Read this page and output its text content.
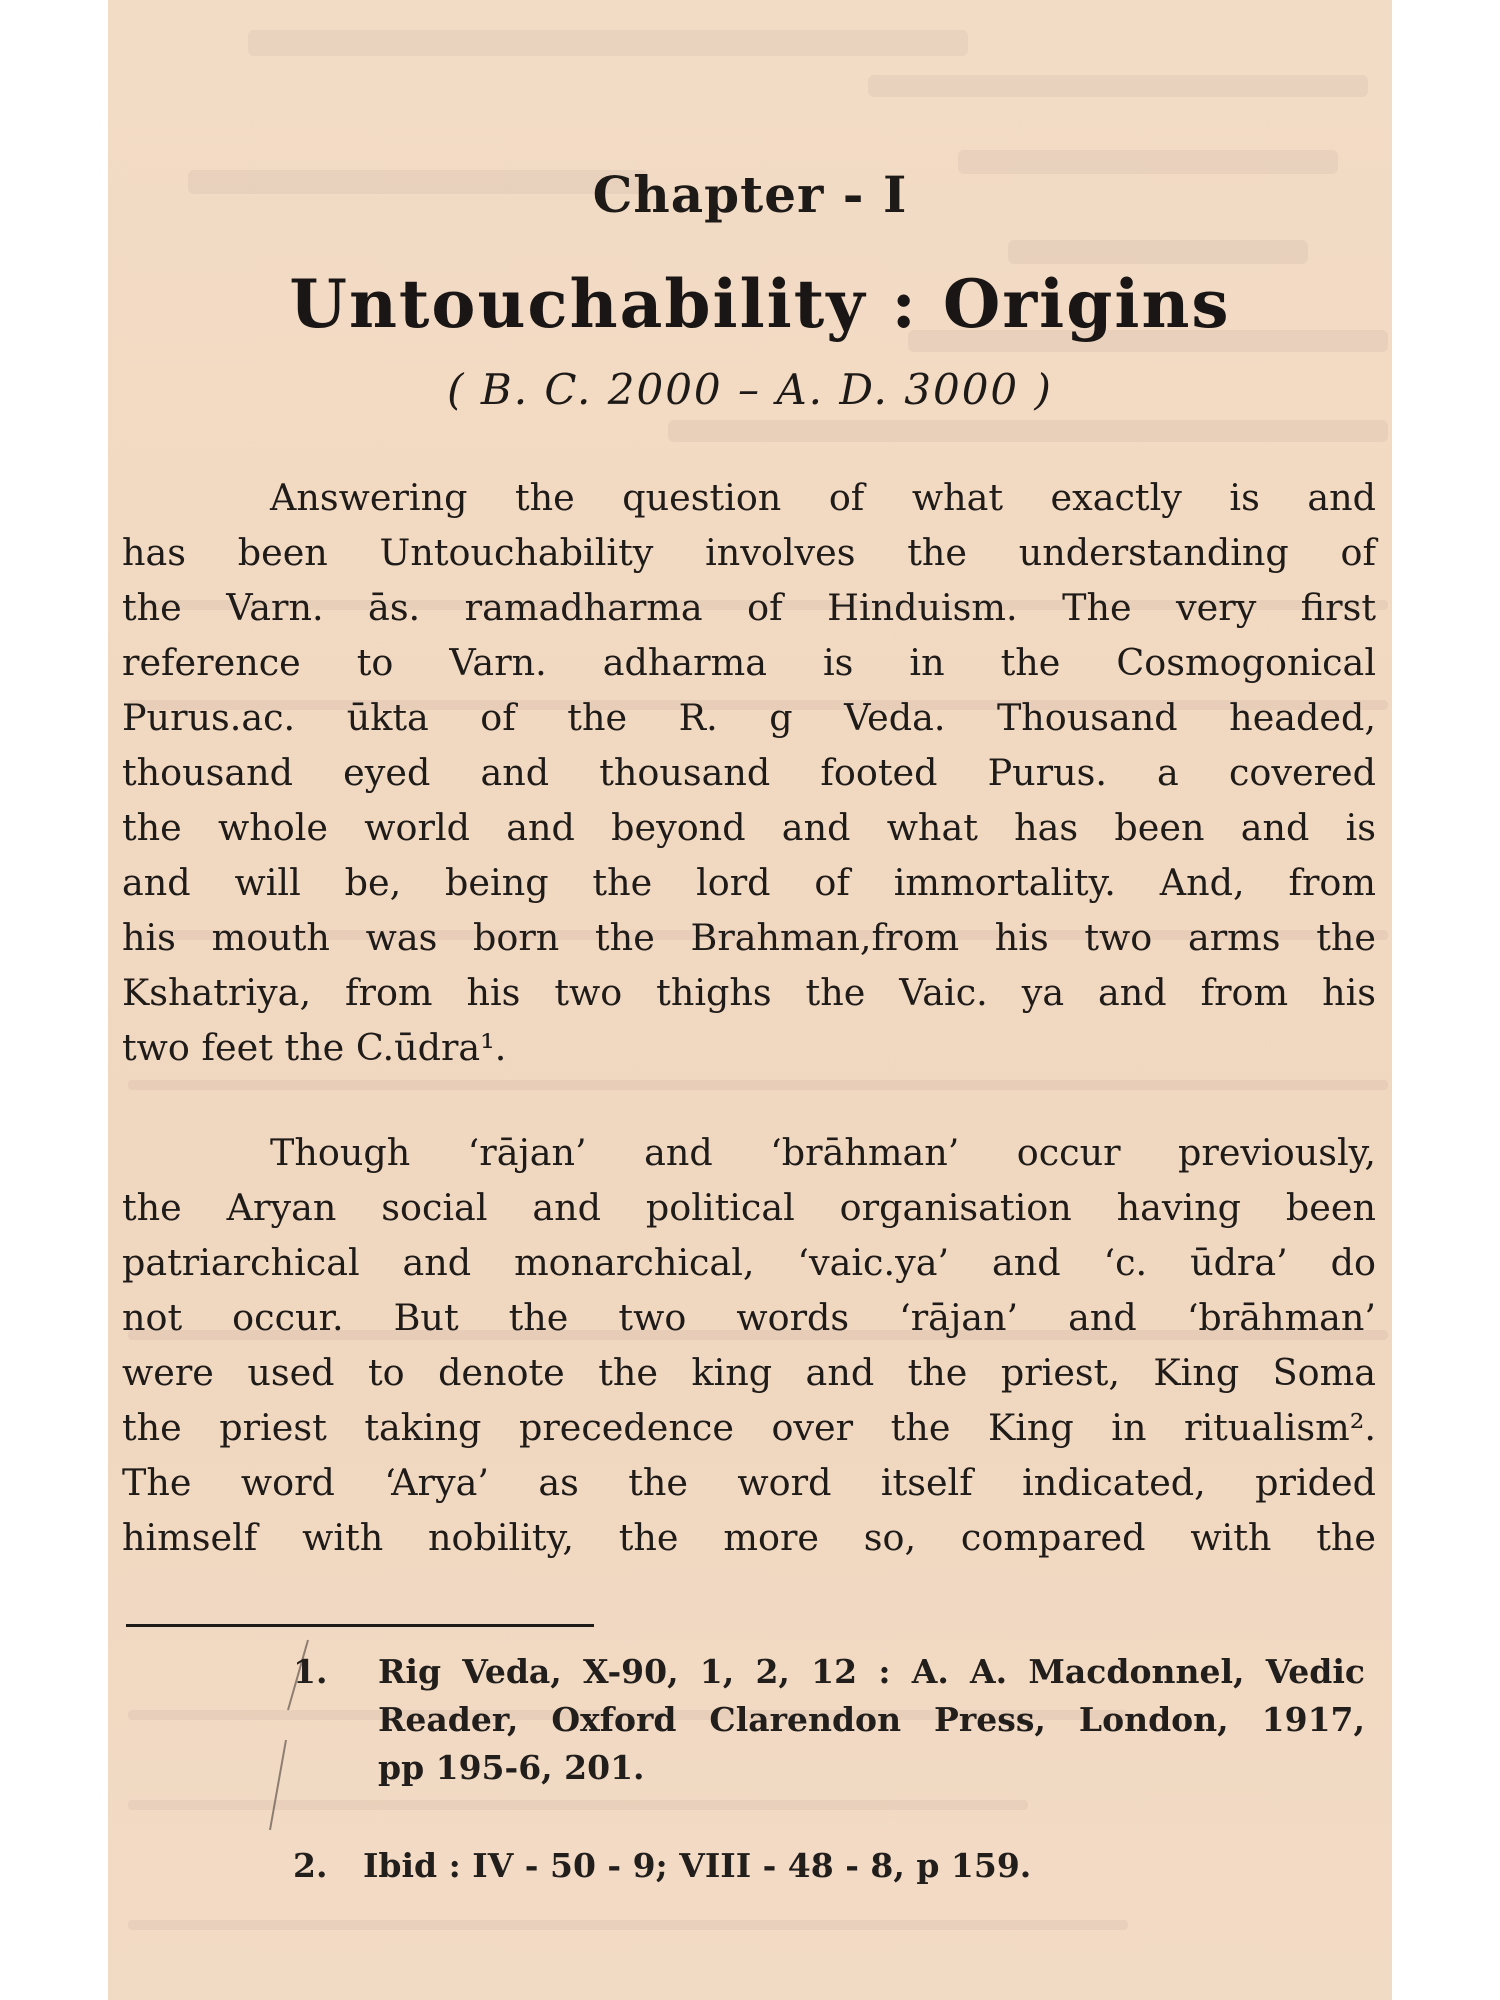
Chapter - I
Untouchability : Origins
( B. C. 2000 – A. D. 3000 )
Answering the question of what exactly is and
has been Untouchability involves the understanding of
the Varn. ās. ramadharma of Hinduism. The very first
reference to Varn. adharma is in the Cosmogonical
Purus.ac. ūkta of the R. g Veda. Thousand headed,
thousand eyed and thousand footed Purus. a covered
the whole world and beyond and what has been and is
and will be, being the lord of immortality. And, from
his mouth was born the Brahman,from his two arms the
Kshatriya, from his two thighs the Vaic. ya and from his
two feet the C.ūdra¹.
Though ‘rājan’ and ‘brāhman’ occur previously,
the Aryan social and political organisation having been
patriarchical and monarchical, ‘vaic.ya’ and ‘c. ūdra’ do
not occur. But the two words ‘rājan’ and ‘brāhman’
were used to denote the king and the priest, King Soma
the priest taking precedence over the King in ritualism².
The word ‘Arya’ as the word itself indicated, prided
himself with nobility, the more so, compared with the
1. Rig Veda, X-90, 1, 2, 12 : A. A. Macdonnel, Vedic
Reader, Oxford Clarendon Press, London, 1917,
pp 195-6, 201.
2. Ibid : IV - 50 - 9; VIII - 48 - 8, p 159.
